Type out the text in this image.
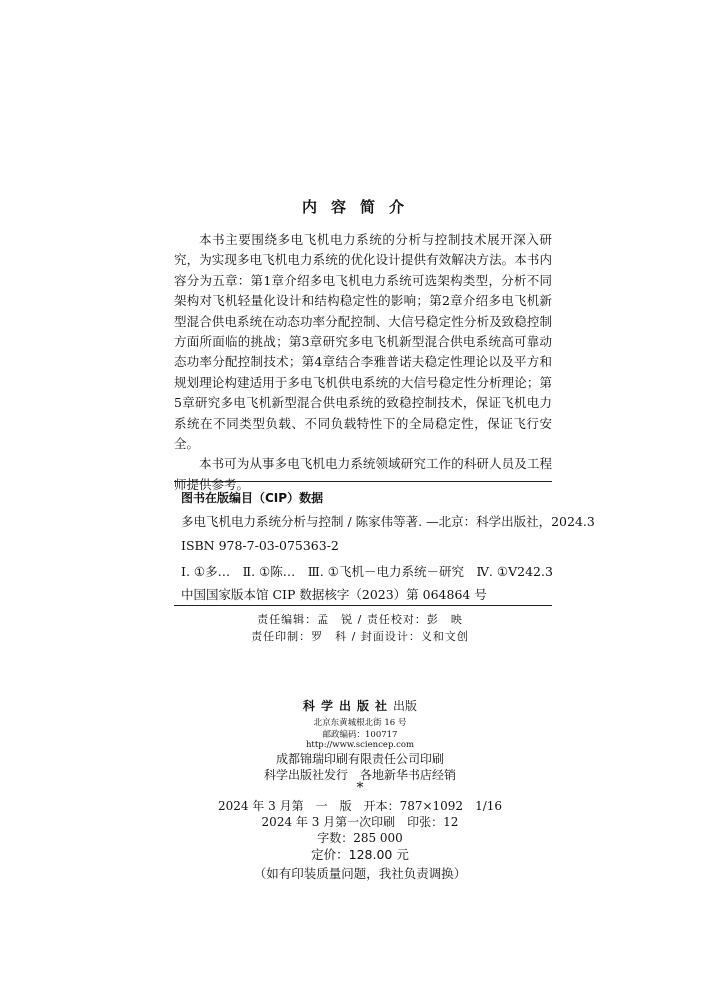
内容简介

本书主要围绕多电飞机电力系统的分析与控制技术展开深入研究，为实现多电飞机电力系统的优化设计提供有效解决方法。本书内容分为五章：第1章介绍多电飞机电力系统可选架构类型，分析不同架构对飞机轻量化设计和结构稳定性的影响；第2章介绍多电飞机新型混合供电系统在动态功率分配控制、大信号稳定性分析及致稳控制方面所面临的挑战；第3章研究多电飞机新型混合供电系统高可靠动态功率分配控制技术；第4章结合李雅普诺夫稳定性理论以及平方和规划理论构建适用于多电飞机供电系统的大信号稳定性分析理论；第5章研究多电飞机新型混合供电系统的致稳控制技术，保证飞机电力系统在不同类型负载、不同负载特性下的全局稳定性，保证飞行安全。

本书可为从事多电飞机电力系统领域研究工作的科研人员及工程师提供参考。

图书在版编目（CIP）数据
多电飞机电力系统分析与控制 / 陈家伟等著. —北京：科学出版社，2024.3
ISBN 978-7-03-075363-2
Ⅰ. ①多…　Ⅱ. ①陈…　Ⅲ. ①飞机－电力系统－研究　Ⅳ. ①V242.3
中国国家版本馆 CIP 数据核字（2023）第 064864 号
责任编辑：孟　锐 / 责任校对：彭　映
责任印制：罗　科 / 封面设计：义和文创
科学出版社出版
北京东黄城根北街 16 号
邮政编码：100717
http://www.sciencep.com
成都锦瑞印刷有限责任公司印刷
科学出版社发行　各地新华书店经销
*
2024 年 3 月第　一　版　开本：787×1092　1/16
2024 年 3 月第一次印刷　印张：12
字数：285 000
定价：128.00 元
（如有印装质量问题，我社负责调换）
